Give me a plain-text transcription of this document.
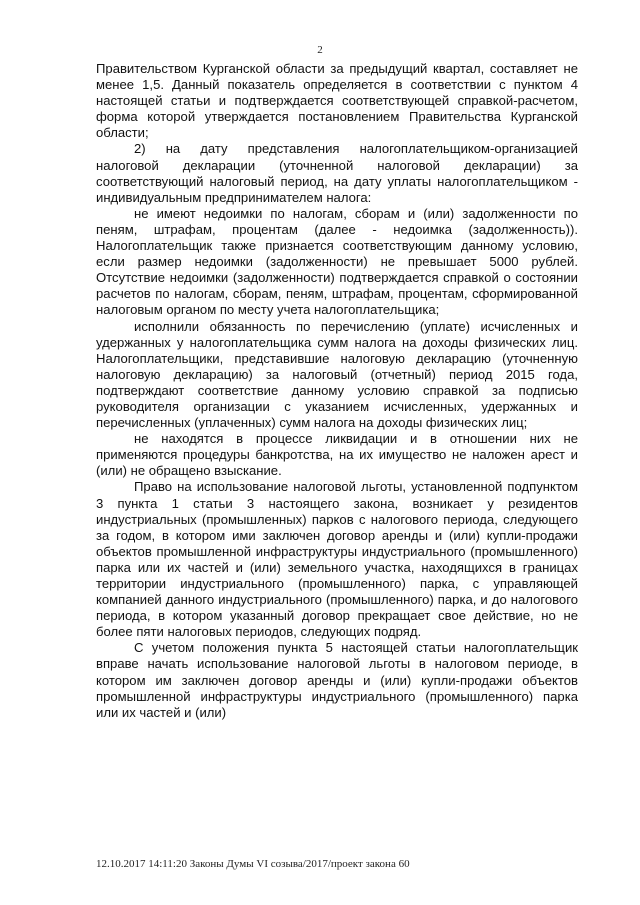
2

Правительством Курганской области за предыдущий квартал, составляет не менее 1,5. Данный показатель определяется в соответствии с пунктом 4 настоящей статьи и подтверждается соответствующей справкой-расчетом, форма которой утверждается постановлением Правительства Курганской области;

2) на дату представления налогоплательщиком-организацией налоговой декларации (уточненной налоговой декларации) за соответствующий налоговый период, на дату уплаты налогоплательщиком - индивидуальным предпринимателем налога:

не имеют недоимки по налогам, сборам и (или) задолженности по пеням, штрафам, процентам (далее - недоимка (задолженность)). Налогоплательщик также признается соответствующим данному условию, если размер недоимки (задолженности) не превышает 5000 рублей. Отсутствие недоимки (задолженности) подтверждается справкой о состоянии расчетов по налогам, сборам, пеням, штрафам, процентам, сформированной налоговым органом по месту учета налогоплательщика;

исполнили обязанность по перечислению (уплате) исчисленных и удержанных у налогоплательщика сумм налога на доходы физических лиц. Налогоплательщики, представившие налоговую декларацию (уточненную налоговую декларацию) за налоговый (отчетный) период 2015 года, подтверждают соответствие данному условию справкой за подписью руководителя организации с указанием исчисленных, удержанных и перечисленных (уплаченных) сумм налога на доходы физических лиц;

не находятся в процессе ликвидации и в отношении них не применяются процедуры банкротства, на их имущество не наложен арест и (или) не обращено взыскание.

Право на использование налоговой льготы, установленной подпунктом 3 пункта 1 статьи 3 настоящего закона, возникает у резидентов индустриальных (промышленных) парков с налогового периода, следующего за годом, в котором ими заключен договор аренды и (или) купли-продажи объектов промышленной инфраструктуры индустриального (промышленного) парка или их частей и (или) земельного участка, находящихся в границах территории индустриального (промышленного) парка, с управляющей компанией данного индустриального (промышленного) парка, и до налогового периода, в котором указанный договор прекращает свое действие, но не более пяти налоговых периодов, следующих подряд.

С учетом положения пункта 5 настоящей статьи налогоплательщик вправе начать использование налоговой льготы в налоговом периоде, в котором им заключен договор аренды и (или) купли-продажи объектов промышленной инфраструктуры индустриального (промышленного) парка или их частей и (или)

12.10.2017 14:11:20 Законы Думы VI созыва/2017/проект закона 60
